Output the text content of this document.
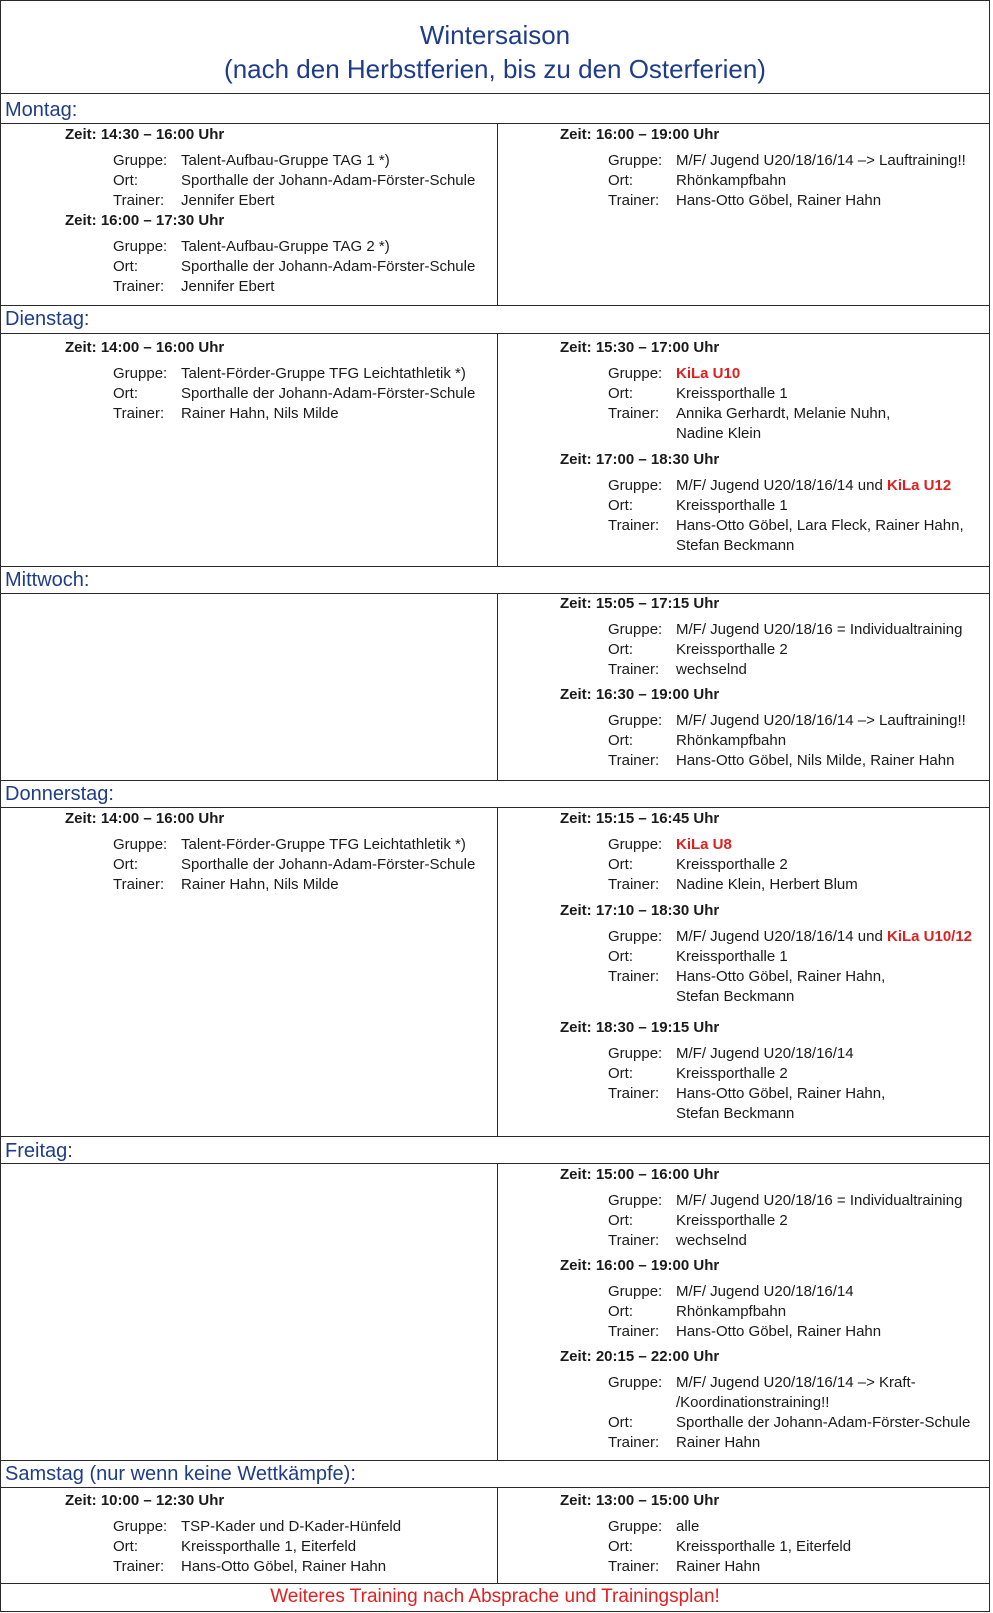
Wintersaison
(nach den Herbstferien, bis zu den Osterferien)
Montag:
Zeit: 14:30 – 16:00 Uhr
Gruppe: Talent-Aufbau-Gruppe TAG 1 *)
Ort:	Sporthalle der Johann-Adam-Förster-Schule
Trainer:	Jennifer Ebert
Zeit: 16:00 – 17:30 Uhr
Gruppe: Talent-Aufbau-Gruppe TAG 2 *)
Ort:	Sporthalle der Johann-Adam-Förster-Schule
Trainer:	Jennifer Ebert
Zeit: 16:00 – 19:00 Uhr
Gruppe: M/F/ Jugend U20/18/16/14 –> Lauftraining!!
Ort:	Rhönkampfbahn
Trainer:	Hans-Otto Göbel, Rainer Hahn
Dienstag:
Zeit: 14:00 – 16:00 Uhr
Gruppe: Talent-Förder-Gruppe TFG Leichtathletik *)
Ort:	Sporthalle der Johann-Adam-Förster-Schule
Trainer:	Rainer Hahn, Nils Milde
Zeit: 15:30 – 17:00 Uhr
Gruppe: KiLa U10
Ort:	Kreissporthalle 1
Trainer:	Annika Gerhardt, Melanie Nuhn,
Nadine Klein
Zeit: 17:00 – 18:30 Uhr
Gruppe: M/F/ Jugend U20/18/16/14 und KiLa U12
Ort:	Kreissporthalle 1
Trainer:	Hans-Otto Göbel, Lara Fleck, Rainer Hahn,
Stefan Beckmann
Mittwoch:
Zeit: 15:05 – 17:15 Uhr
Gruppe: M/F/ Jugend U20/18/16 = Individualtraining
Ort:	Kreissporthalle 2
Trainer:	wechselnd
Zeit: 16:30 – 19:00 Uhr
Gruppe: M/F/ Jugend U20/18/16/14 –> Lauftraining!!
Ort:	Rhönkampfbahn
Trainer:	Hans-Otto Göbel, Nils Milde, Rainer Hahn
Donnerstag:
Zeit: 14:00 – 16:00 Uhr
Gruppe: Talent-Förder-Gruppe TFG Leichtathletik *)
Ort:	Sporthalle der Johann-Adam-Förster-Schule
Trainer:	Rainer Hahn, Nils Milde
Zeit: 15:15 – 16:45 Uhr
Gruppe: KiLa U8
Ort:	Kreissporthalle 2
Trainer:	Nadine Klein, Herbert Blum
Zeit: 17:10 – 18:30 Uhr
Gruppe: M/F/ Jugend U20/18/16/14 und KiLa U10/12
Ort:	Kreissporthalle 1
Trainer:	Hans-Otto Göbel, Rainer Hahn,
Stefan Beckmann
Zeit: 18:30 – 19:15 Uhr
Gruppe: M/F/ Jugend U20/18/16/14
Ort:	Kreissporthalle 2
Trainer:	Hans-Otto Göbel, Rainer Hahn,
Stefan Beckmann
Freitag:
Zeit: 15:00 – 16:00 Uhr
Gruppe: M/F/ Jugend U20/18/16 = Individualtraining
Ort:	Kreissporthalle 2
Trainer:	wechselnd
Zeit: 16:00 – 19:00 Uhr
Gruppe: M/F/ Jugend U20/18/16/14
Ort:	Rhönkampfbahn
Trainer:	Hans-Otto Göbel, Rainer Hahn
Zeit: 20:15 – 22:00 Uhr
Gruppe: M/F/ Jugend U20/18/16/14 –> Kraft-
/Koordinationstraining!!
Ort:	Sporthalle der Johann-Adam-Förster-Schule
Trainer:	Rainer Hahn
Samstag (nur wenn keine Wettkämpfe):
Zeit: 10:00 – 12:30 Uhr
Gruppe: TSP-Kader und D-Kader-Hünfeld
Ort:	Kreissporthalle 1, Eiterfeld
Trainer:	Hans-Otto Göbel, Rainer Hahn
Zeit: 13:00 – 15:00 Uhr
Gruppe: alle
Ort:	Kreissporthalle 1, Eiterfeld
Trainer:	Rainer Hahn
Weiteres Training nach Absprache und Trainingsplan!
